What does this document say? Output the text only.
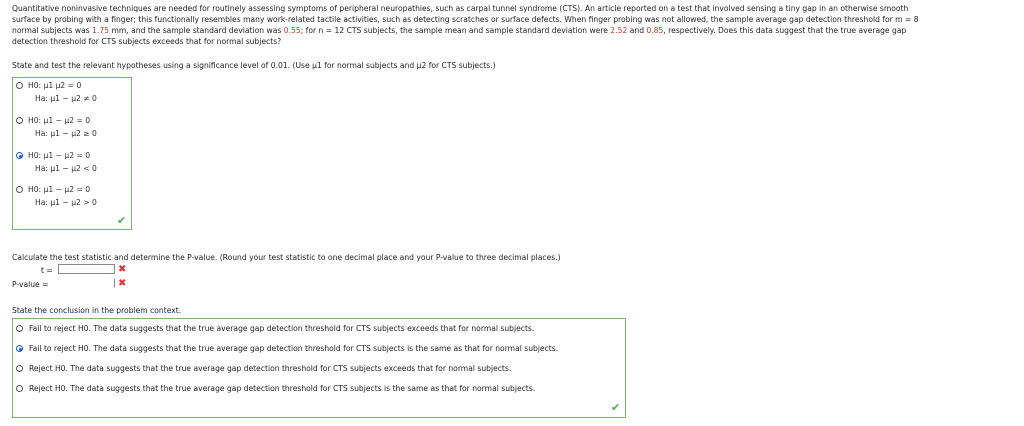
Quantitative noninvasive techniques are needed for routinely assessing symptoms of peripheral neuropathies, such as carpal tunnel syndrome (CTS). An article reported on a test that involved sensing a tiny gap in an otherwise smooth
surface by probing with a finger; this functionally resembles many work-related tactile activities, such as detecting scratches or surface defects. When finger probing was not allowed, the sample average gap detection threshold for m = 8
normal subjects was 1.75 mm, and the sample standard deviation was 0.55; for n = 12 CTS subjects, the sample mean and sample standard deviation were 2.52 and 0.85, respectively. Does this data suggest that the true average gap
detection threshold for CTS subjects exceeds that for normal subjects?
State and test the relevant hypotheses using a significance level of 0.01. (Use μ1 for normal subjects and μ2 for CTS subjects.)
H0: μ1 μ2 = 0
Ha: μ1 − μ2 ≠ 0
H0: μ1 − μ2 = 0
Ha: μ1 − μ2 ≥ 0
H0: μ1 − μ2 = 0
Ha: μ1 − μ2 < 0
H0: μ1 − μ2 = 0
Ha: μ1 − μ2 > 0
✔
Calculate the test statistic and determine the P-value. (Round your test statistic to one decimal place and your P-value to three decimal places.)
t =	✖
P-value =	✖
State the conclusion in the problem context.
Fail to reject H0. The data suggests that the true average gap detection threshold for CTS subjects exceeds that for normal subjects.
Fail to reject H0. The data suggests that the true average gap detection threshold for CTS subjects is the same as that for normal subjects.
Reject H0. The data suggests that the true average gap detection threshold for CTS subjects exceeds that for normal subjects.
Reject H0. The data suggests that the true average gap detection threshold for CTS subjects is the same as that for normal subjects.
✔
